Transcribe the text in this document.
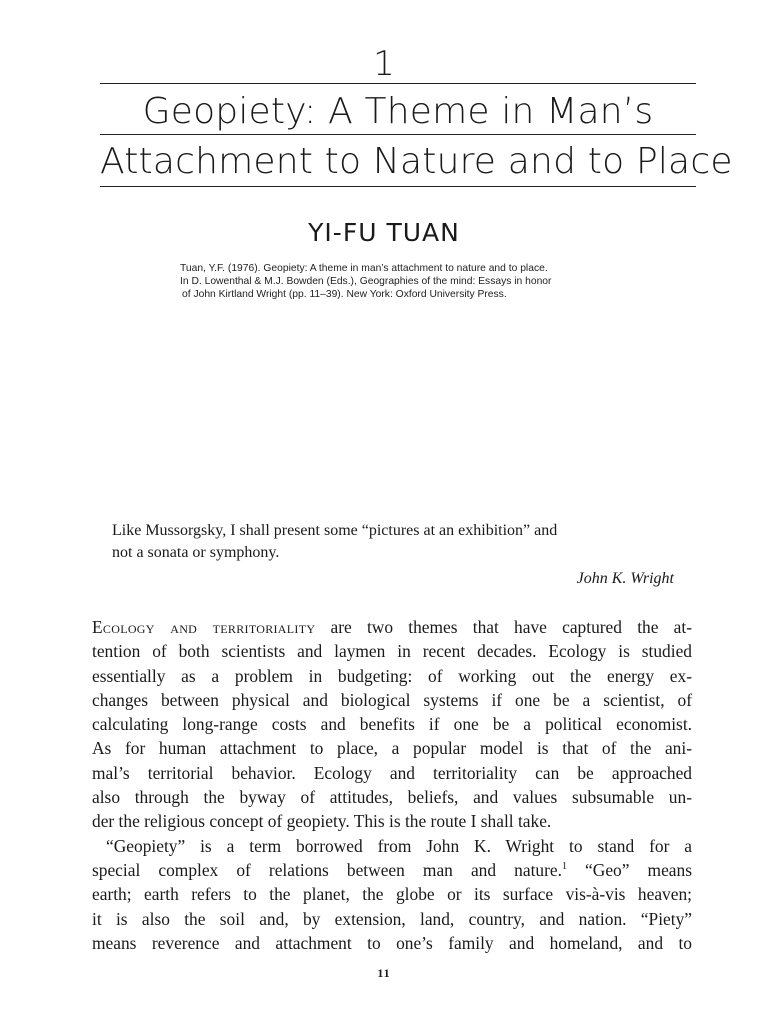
1
Geopiety: A Theme in Man’s
Attachment to Nature and to Place
YI-FU TUAN
Tuan, Y.F. (1976). Geopiety: A theme in man’s attachment to nature and to place.
In D. Lowenthal & M.J. Bowden (Eds.), Geographies of the mind: Essays in honor
of John Kirtland Wright (pp. 11–39). New York: Oxford University Press.
Like Mussorgsky, I shall present some “pictures at an exhibition” and
not a sonata or symphony.
John K. Wright
Ecology and territoriality are two themes that have captured the at-
tention of both scientists and laymen in recent decades. Ecology is studied
essentially as a problem in budgeting: of working out the energy ex-
changes between physical and biological systems if one be a scientist, of
calculating long-range costs and benefits if one be a political economist.
As for human attachment to place, a popular model is that of the ani-
mal’s territorial behavior. Ecology and territoriality can be approached
also through the byway of attitudes, beliefs, and values subsumable un-
der the religious concept of geopiety. This is the route I shall take.
“Geopiety” is a term borrowed from John K. Wright to stand for a
special complex of relations between man and nature.$^1$ “Geo” means
earth; earth refers to the planet, the globe or its surface vis-à-vis heaven;
it is also the soil and, by extension, land, country, and nation. “Piety”
means reverence and attachment to one’s family and homeland, and to
11
